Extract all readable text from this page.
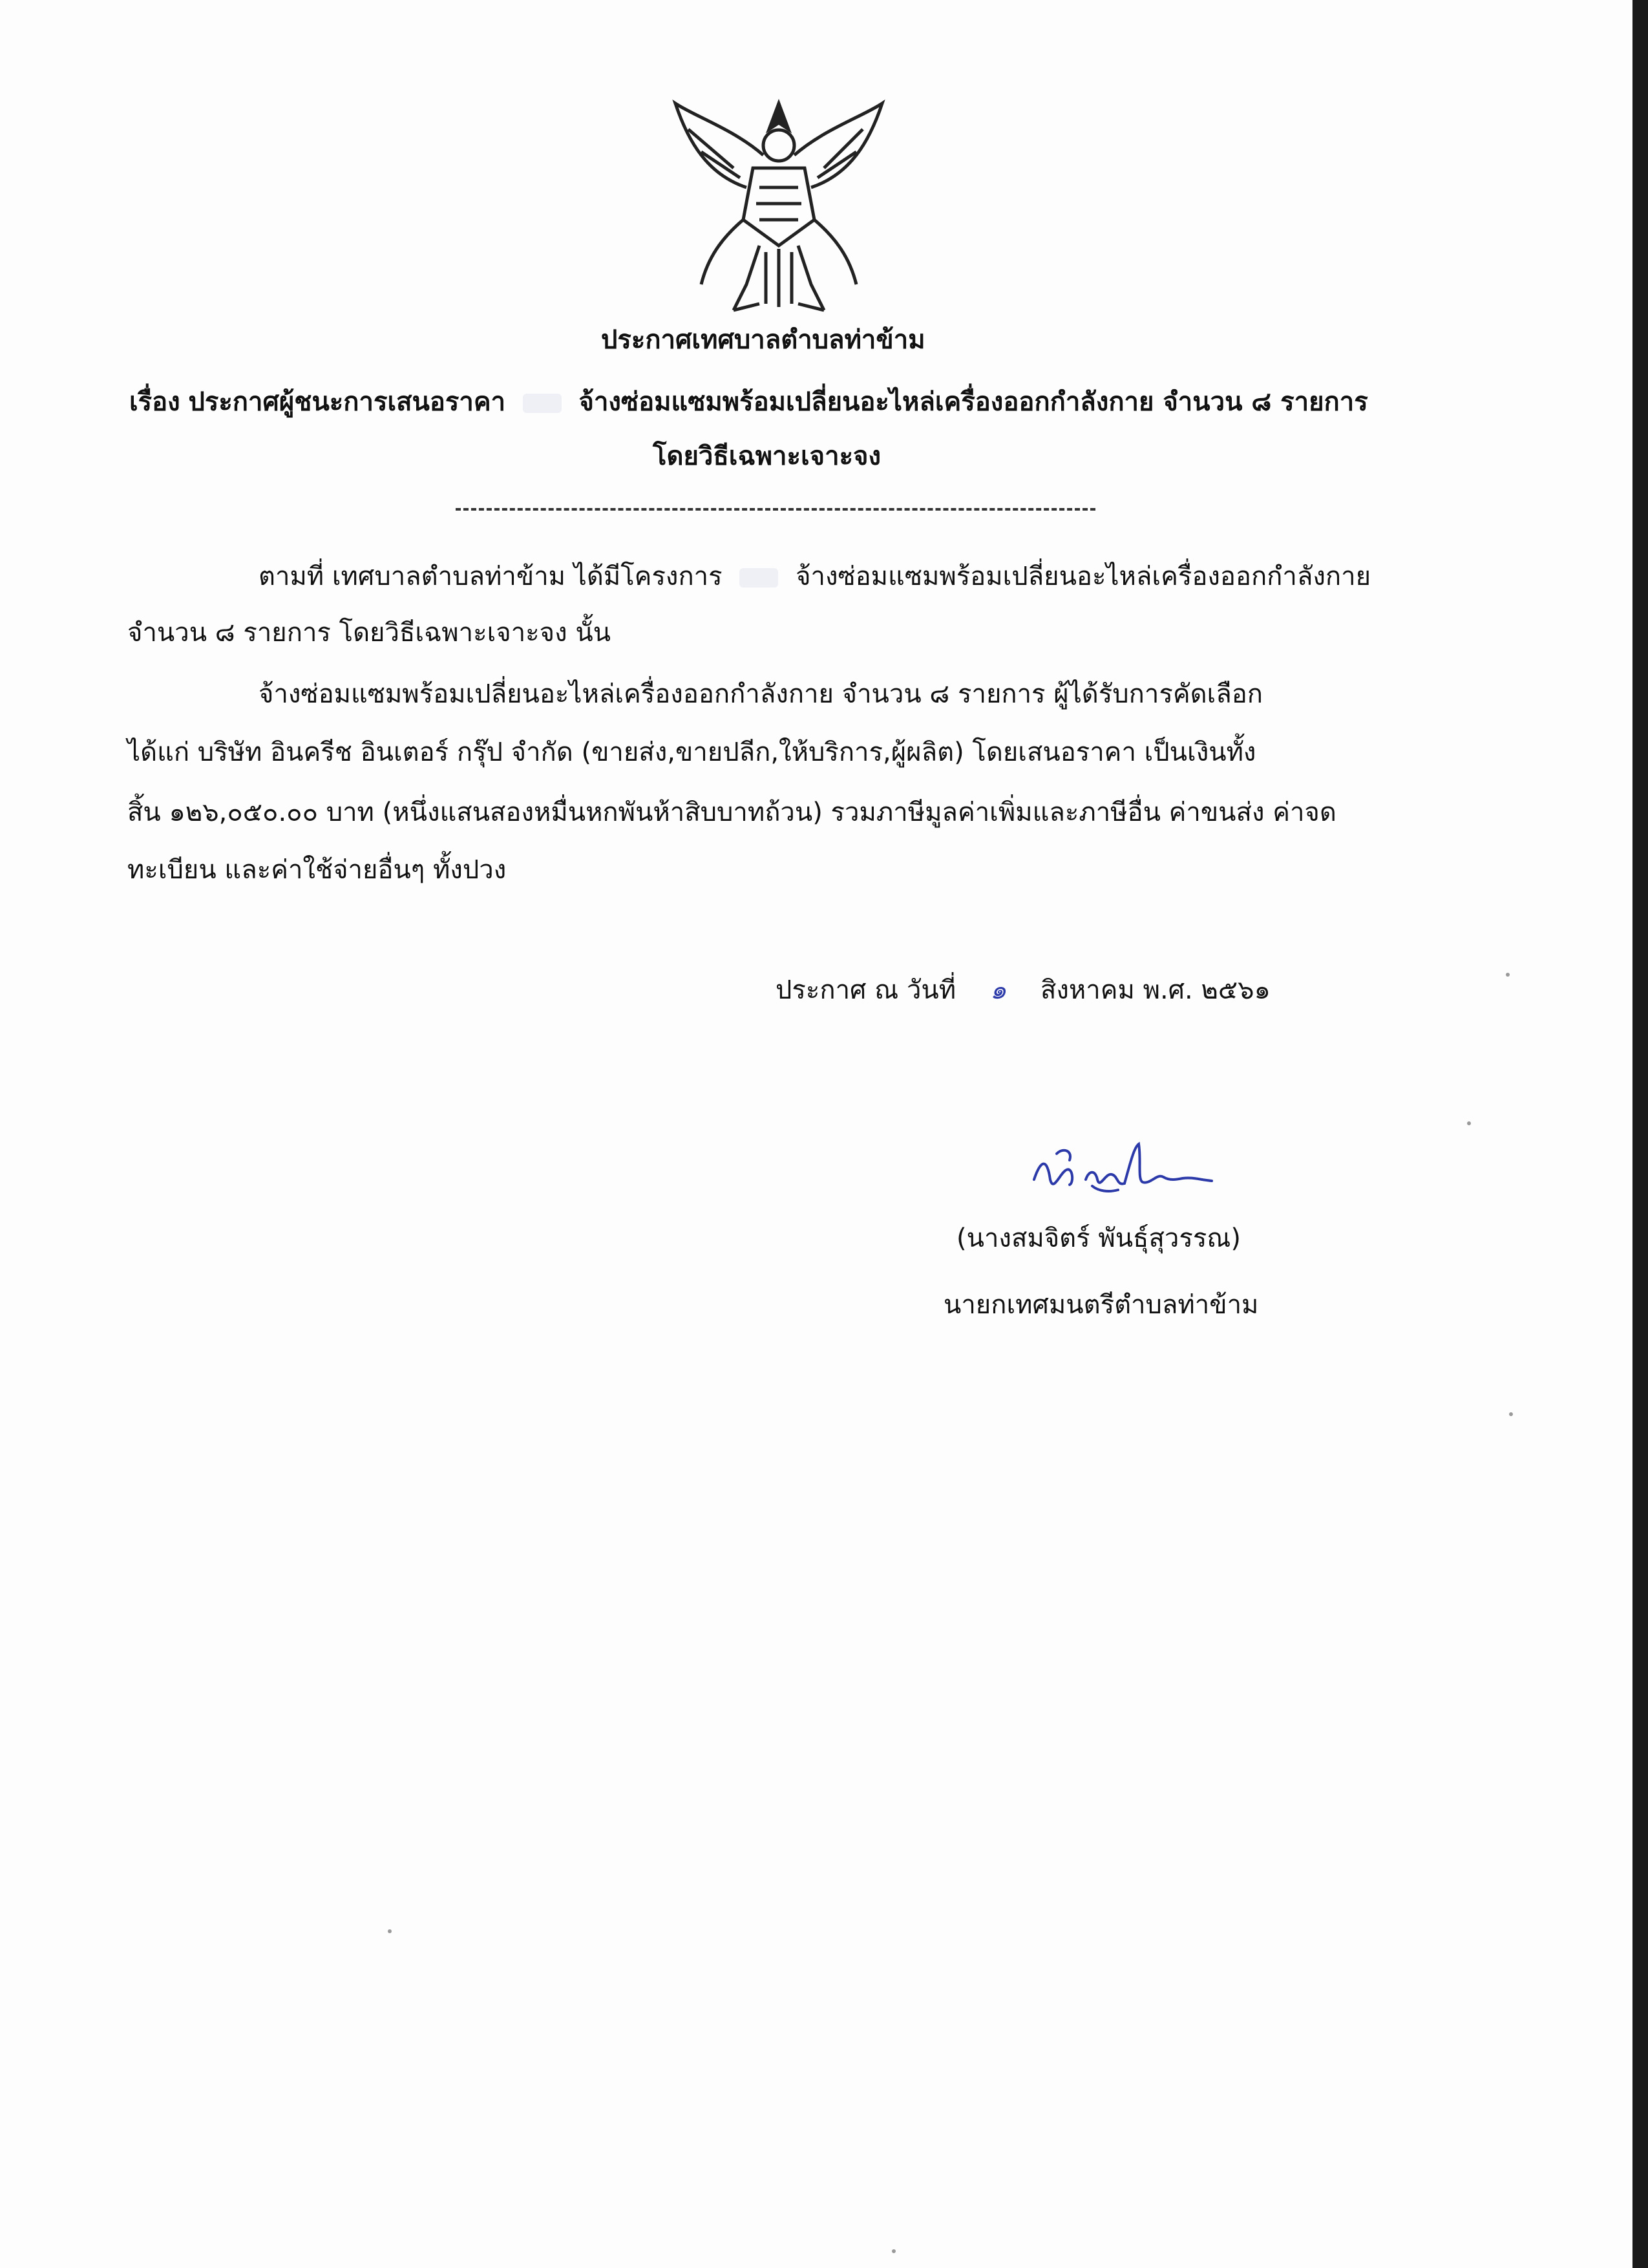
ประกาศเทศบาลตำบลท่าข้าม
เรื่อง ประกาศผู้ชนะการเสนอราคา	จ้างซ่อมแซมพร้อมเปลี่ยนอะไหล่เครื่องออกกำลังกาย จำนวน ๘ รายการ
โดยวิธีเฉพาะเจาะจง
ตามที่ เทศบาลตำบลท่าข้าม ได้มีโครงการ	จ้างซ่อมแซมพร้อมเปลี่ยนอะไหล่เครื่องออกกำลังกาย
จำนวน ๘ รายการ โดยวิธีเฉพาะเจาะจง นั้น
จ้างซ่อมแซมพร้อมเปลี่ยนอะไหล่เครื่องออกกำลังกาย จำนวน ๘ รายการ ผู้ได้รับการคัดเลือก
ได้แก่ บริษัท อินครีช อินเตอร์ กรุ๊ป จำกัด (ขายส่ง,ขายปลีก,ให้บริการ,ผู้ผลิต) โดยเสนอราคา เป็นเงินทั้ง
สิ้น ๑๒๖,๐๕๐.๐๐ บาท (หนึ่งแสนสองหมื่นหกพันห้าสิบบาทถ้วน) รวมภาษีมูลค่าเพิ่มและภาษีอื่น ค่าขนส่ง ค่าจด
ทะเบียน และค่าใช้จ่ายอื่นๆ ทั้งปวง
ประกาศ ณ วันที่ ๑ สิงหาคม พ.ศ. ๒๕๖๑
(นางสมจิตร์ พันธุ์สุวรรณ)
นายกเทศมนตรีตำบลท่าข้าม
